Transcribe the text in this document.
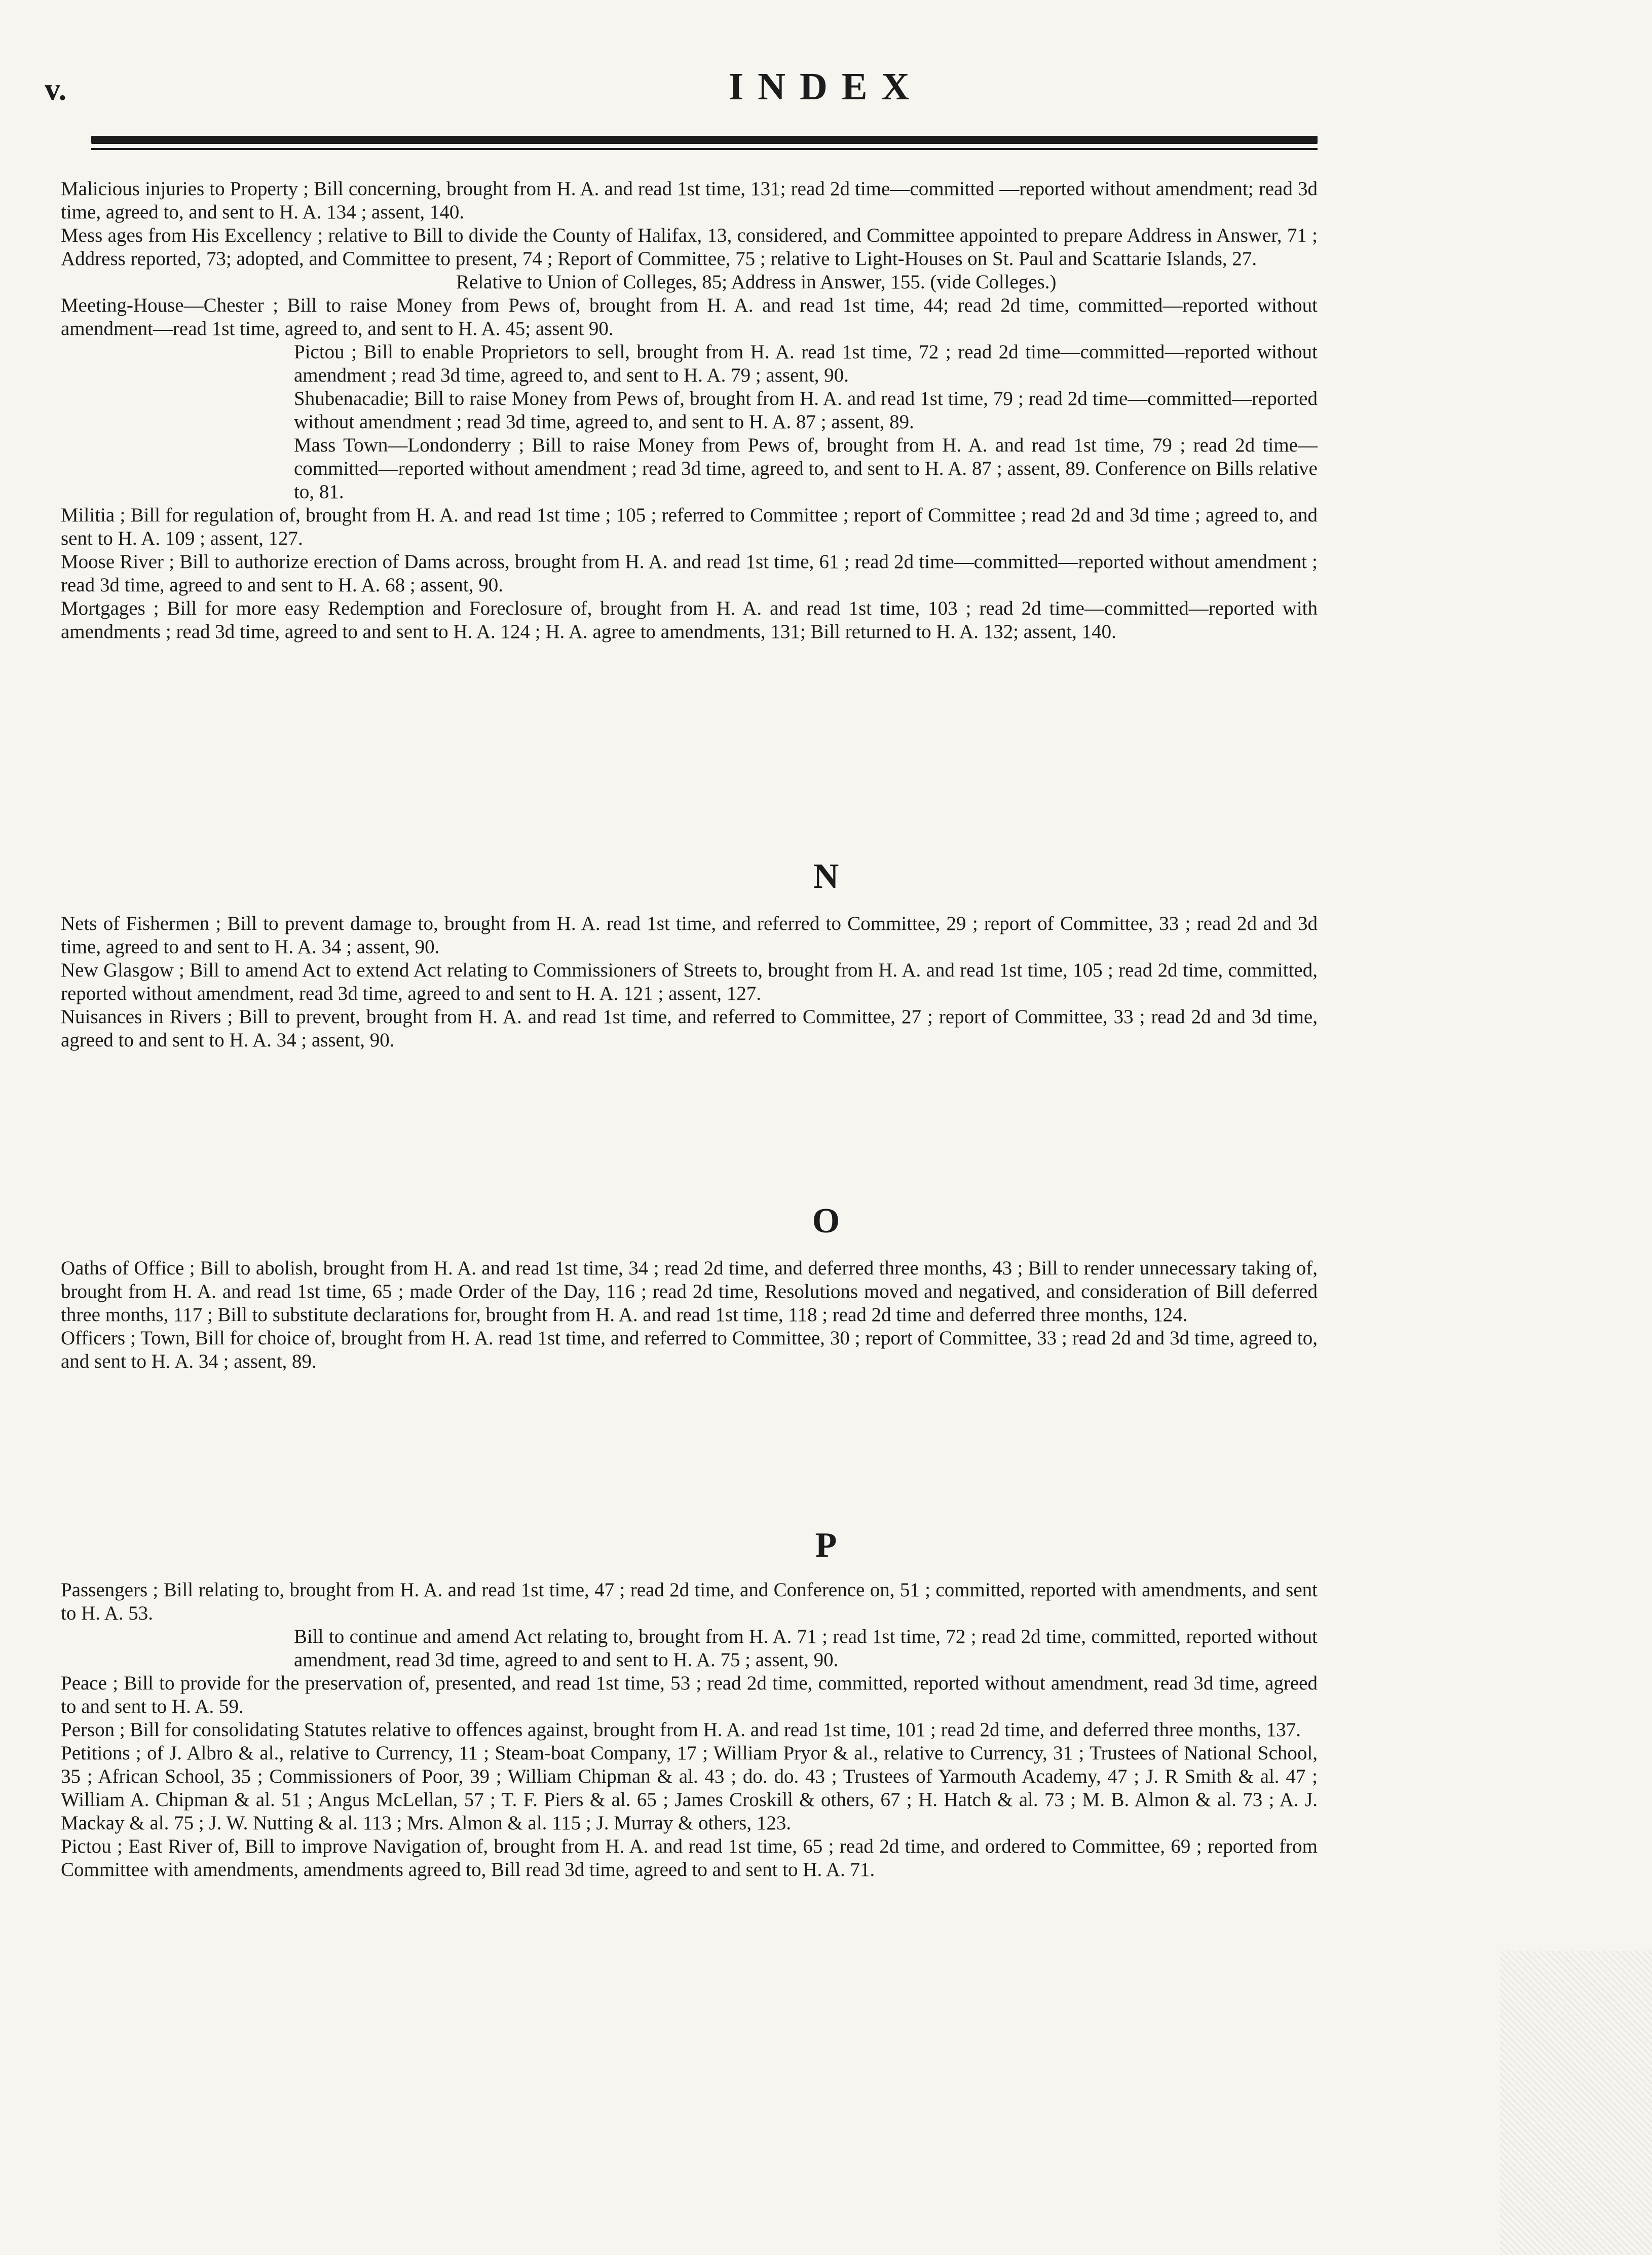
v.	INDEX

Malicious injuries to Property ; Bill concerning, brought from H. A. and read 1st time, 131; read 2d time—committed —reported without amendment; read 3d time, agreed to, and sent to H. A. 134 ; assent, 140.

Mess ages from His Excellency ; relative to Bill to divide the County of Halifax, 13, considered, and Committee appointed to prepare Address in Answer, 71 ; Address reported, 73; adopted, and Committee to present, 74 ; Report of Committee, 75 ; relative to Light-Houses on St. Paul and Scattarie Islands, 27.

Relative to Union of Colleges, 85; Address in Answer, 155. (vide Colleges.)

Meeting-House—Chester ; Bill to raise Money from Pews of, brought from H. A. and read 1st time, 44; read 2d time, committed—reported without amendment—read 1st time, agreed to, and sent to H. A. 45; assent 90.

Pictou ; Bill to enable Proprietors to sell, brought from H. A. read 1st time, 72 ; read 2d time—committed—reported without amendment ; read 3d time, agreed to, and sent to H. A. 79 ; assent, 90.

Shubenacadie; Bill to raise Money from Pews of, brought from H. A. and read 1st time, 79 ; read 2d time—committed—reported without amendment ; read 3d time, agreed to, and sent to H. A. 87 ; assent, 89.

Mass Town—Londonderry ; Bill to raise Money from Pews of, brought from H. A. and read 1st time, 79 ; read 2d time—committed—reported without amendment ; read 3d time, agreed to, and sent to H. A. 87 ; assent, 89. Conference on Bills relative to, 81.

Militia ; Bill for regulation of, brought from H. A. and read 1st time ; 105 ; referred to Committee ; report of Committee ; read 2d and 3d time ; agreed to, and sent to H. A. 109 ; assent, 127.

Moose River ; Bill to authorize erection of Dams across, brought from H. A. and read 1st time, 61 ; read 2d time—committed—reported without amendment ; read 3d time, agreed to and sent to H. A. 68 ; assent, 90.

Mortgages ; Bill for more easy Redemption and Foreclosure of, brought from H. A. and read 1st time, 103 ; read 2d time—committed—reported with amendments ; read 3d time, agreed to and sent to H. A. 124 ; H. A. agree to amendments, 131; Bill returned to H. A. 132; assent, 140.

N

Nets of Fishermen ; Bill to prevent damage to, brought from H. A. read 1st time, and referred to Committee, 29 ; report of Committee, 33 ; read 2d and 3d time, agreed to and sent to H. A. 34 ; assent, 90.

New Glasgow ; Bill to amend Act to extend Act relating to Commissioners of Streets to, brought from H. A. and read 1st time, 105 ; read 2d time, committed, reported without amendment, read 3d time, agreed to and sent to H. A. 121 ; assent, 127.

Nuisances in Rivers ; Bill to prevent, brought from H. A. and read 1st time, and referred to Committee, 27 ; report of Committee, 33 ; read 2d and 3d time, agreed to and sent to H. A. 34 ; assent, 90.

O

Oaths of Office ; Bill to abolish, brought from H. A. and read 1st time, 34 ; read 2d time, and deferred three months, 43 ; Bill to render unnecessary taking of, brought from H. A. and read 1st time, 65 ; made Order of the Day, 116 ; read 2d time, Resolutions moved and negatived, and consideration of Bill deferred three months, 117 ; Bill to substitute declarations for, brought from H. A. and read 1st time, 118 ; read 2d time and deferred three months, 124.

Officers ; Town, Bill for choice of, brought from H. A. read 1st time, and referred to Committee, 30 ; report of Committee, 33 ; read 2d and 3d time, agreed to, and sent to H. A. 34 ; assent, 89.

P

Passengers ; Bill relating to, brought from H. A. and read 1st time, 47 ; read 2d time, and Conference on, 51 ; committed, reported with amendments, and sent to H. A. 53.

Bill to continue and amend Act relating to, brought from H. A. 71 ; read 1st time, 72 ; read 2d time, committed, reported without amendment, read 3d time, agreed to and sent to H. A. 75 ; assent, 90.

Peace ; Bill to provide for the preservation of, presented, and read 1st time, 53 ; read 2d time, committed, reported without amendment, read 3d time, agreed to and sent to H. A. 59.

Person ; Bill for consolidating Statutes relative to offences against, brought from H. A. and read 1st time, 101 ; read 2d time, and deferred three months, 137.

Petitions ; of J. Albro & al., relative to Currency, 11 ; Steam-boat Company, 17 ; William Pryor & al., relative to Currency, 31 ; Trustees of National School, 35 ; African School, 35 ; Commissioners of Poor, 39 ; William Chipman & al. 43 ; do. do. 43 ; Trustees of Yarmouth Academy, 47 ; J. R Smith & al. 47 ; William A. Chipman & al. 51 ; Angus McLellan, 57 ; T. F. Piers & al. 65 ; James Croskill & others, 67 ; H. Hatch & al. 73 ; M. B. Almon & al. 73 ; A. J. Mackay & al. 75 ; J. W. Nutting & al. 113 ; Mrs. Almon & al. 115 ; J. Murray & others, 123.

Pictou ; East River of, Bill to improve Navigation of, brought from H. A. and read 1st time, 65 ; read 2d time, and ordered to Committee, 69 ; reported from Committee with amendments, amendments agreed to, Bill read 3d time, agreed to and sent to H. A. 71.
